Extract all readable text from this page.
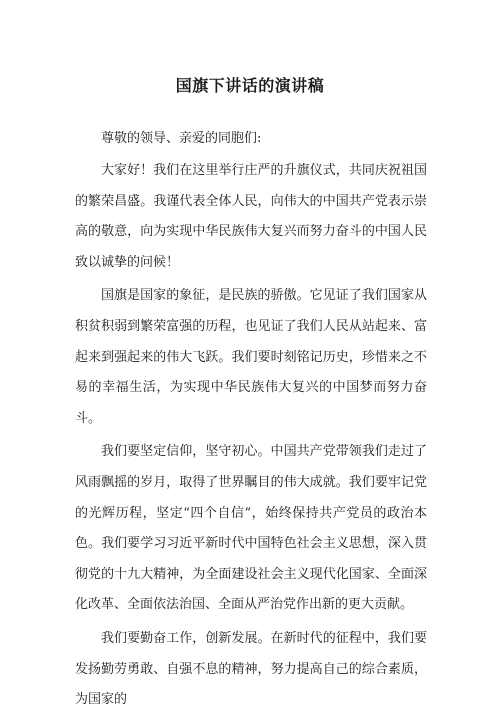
国旗下讲话的演讲稿

尊敬的领导、亲爱的同胞们:

大家好！我们在这里举行庄严的升旗仪式，共同庆祝祖国的繁荣昌盛。我谨代表全体人民，向伟大的中国共产党表示崇高的敬意，向为实现中华民族伟大复兴而努力奋斗的中国人民致以诚挚的问候！

国旗是国家的象征，是民族的骄傲。它见证了我们国家从积贫积弱到繁荣富强的历程，也见证了我们人民从站起来、富起来到强起来的伟大飞跃。我们要时刻铭记历史，珍惜来之不易的幸福生活，为实现中华民族伟大复兴的中国梦而努力奋斗。

我们要坚定信仰，坚守初心。中国共产党带领我们走过了风雨飘摇的岁月，取得了世界瞩目的伟大成就。我们要牢记党的光辉历程，坚定“四个自信”，始终保持共产党员的政治本色。我们要学习习近平新时代中国特色社会主义思想，深入贯彻党的十九大精神，为全面建设社会主义现代化国家、全面深化改革、全面依法治国、全面从严治党作出新的更大贡献。

我们要勤奋工作，创新发展。在新时代的征程中，我们要发扬勤劳勇敢、自强不息的精神，努力提高自己的综合素质，为国家的
